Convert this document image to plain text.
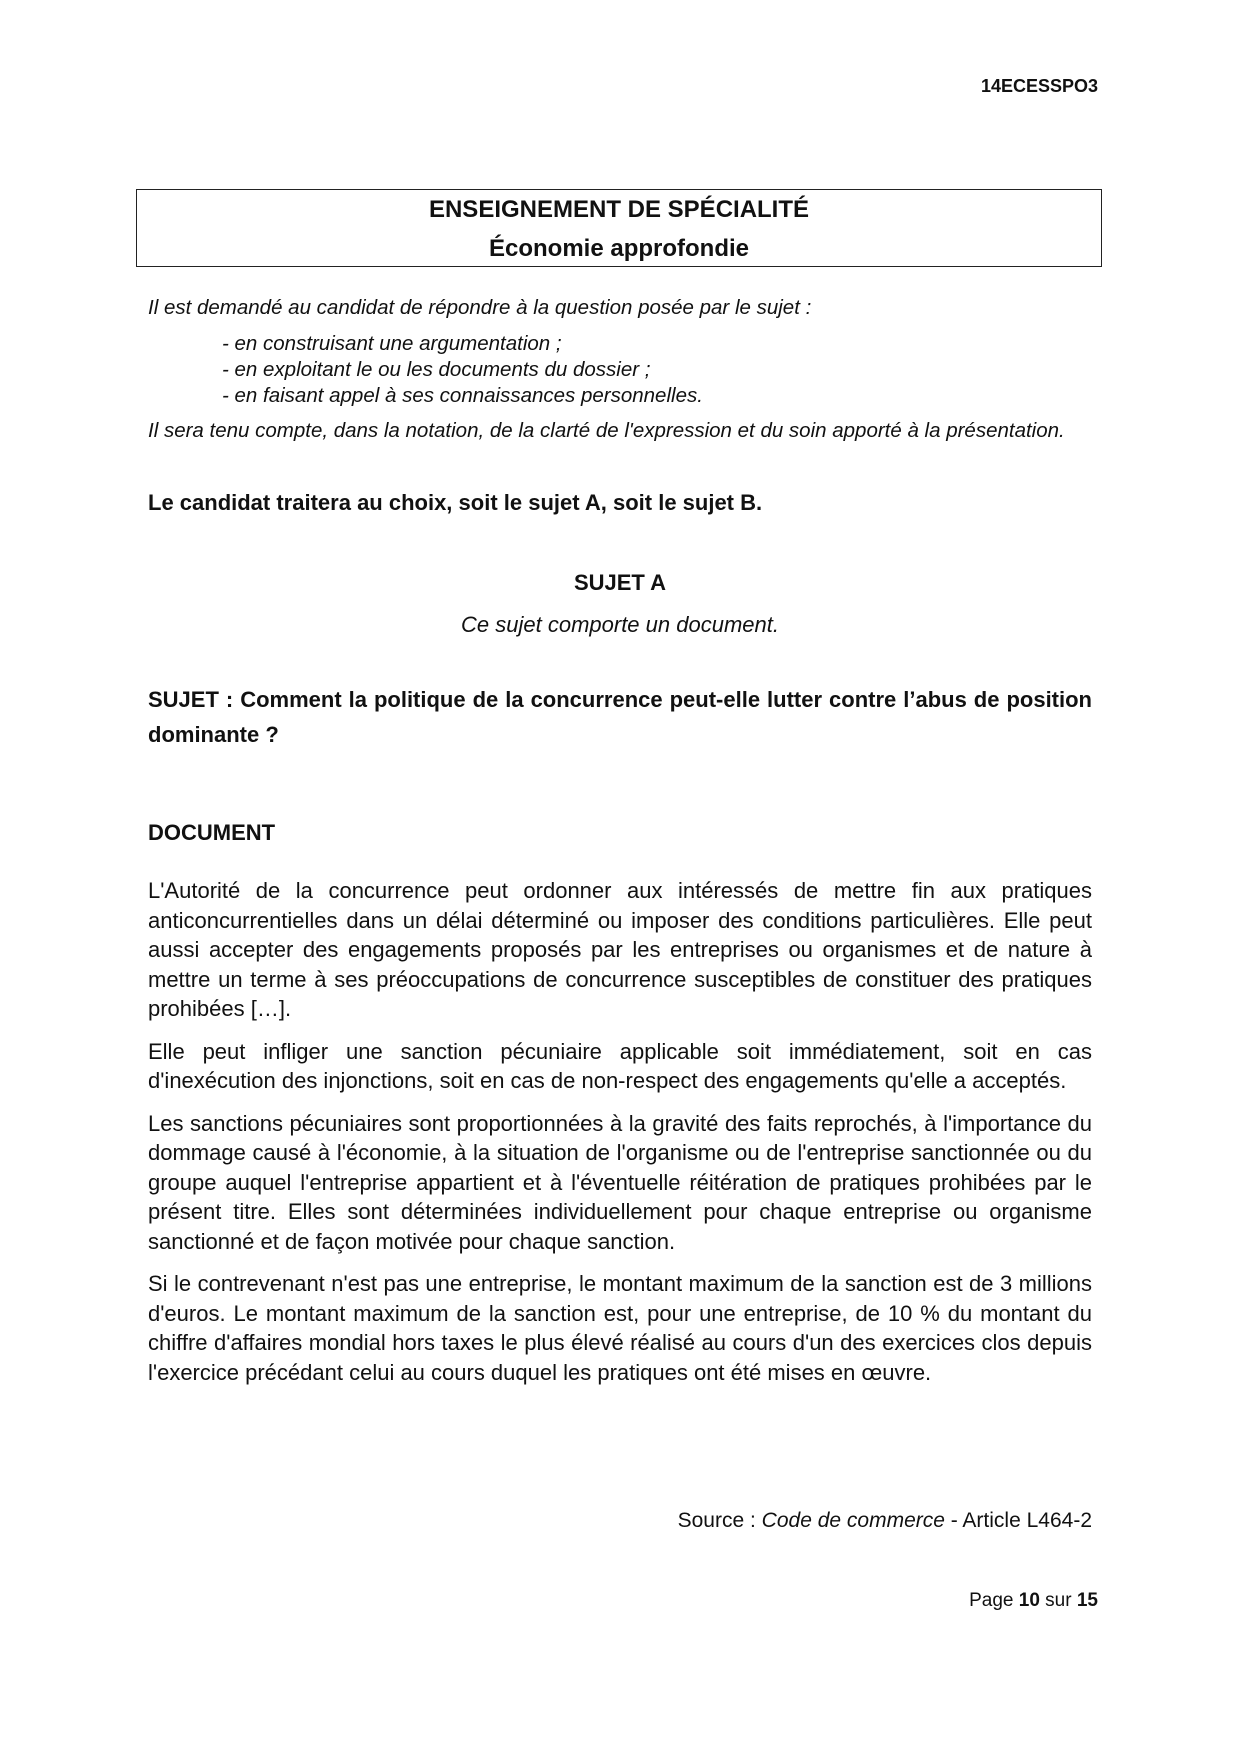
14ECESSPO3
ENSEIGNEMENT DE SPÉCIALITÉ
Économie approfondie

Il est demandé au candidat de répondre à la question posée par le sujet :

- en construisant une argumentation ;
- en exploitant le ou les documents du dossier ;
- en faisant appel à ses connaissances personnelles.

Il sera tenu compte, dans la notation, de la clarté de l'expression et du soin apporté à la présentation.

Le candidat traitera au choix, soit le sujet A, soit le sujet B.
SUJET A
Ce sujet comporte un document.
SUJET : Comment la politique de la concurrence peut-elle lutter contre l’abus de position dominante ?
DOCUMENT

L'Autorité de la concurrence peut ordonner aux intéressés de mettre fin aux pratiques anticoncurrentielles dans un délai déterminé ou imposer des conditions particulières. Elle peut aussi accepter des engagements proposés par les entreprises ou organismes et de nature à mettre un terme à ses préoccupations de concurrence susceptibles de constituer des pratiques prohibées […].

Elle peut infliger une sanction pécuniaire applicable soit immédiatement, soit en cas d'inexécution des injonctions, soit en cas de non-respect des engagements qu'elle a acceptés.

Les sanctions pécuniaires sont proportionnées à la gravité des faits reprochés, à l'importance du dommage causé à l'économie, à la situation de l'organisme ou de l'entreprise sanctionnée ou du groupe auquel l'entreprise appartient et à l'éventuelle réitération de pratiques prohibées par le présent titre. Elles sont déterminées individuellement pour chaque entreprise ou organisme sanctionné et de façon motivée pour chaque sanction.

Si le contrevenant n'est pas une entreprise, le montant maximum de la sanction est de 3 millions d'euros. Le montant maximum de la sanction est, pour une entreprise, de 10 % du montant du chiffre d'affaires mondial hors taxes le plus élevé réalisé au cours d'un des exercices clos depuis l'exercice précédant celui au cours duquel les pratiques ont été mises en œuvre.

Source : Code de commerce - Article L464-2
Page 10 sur 15
